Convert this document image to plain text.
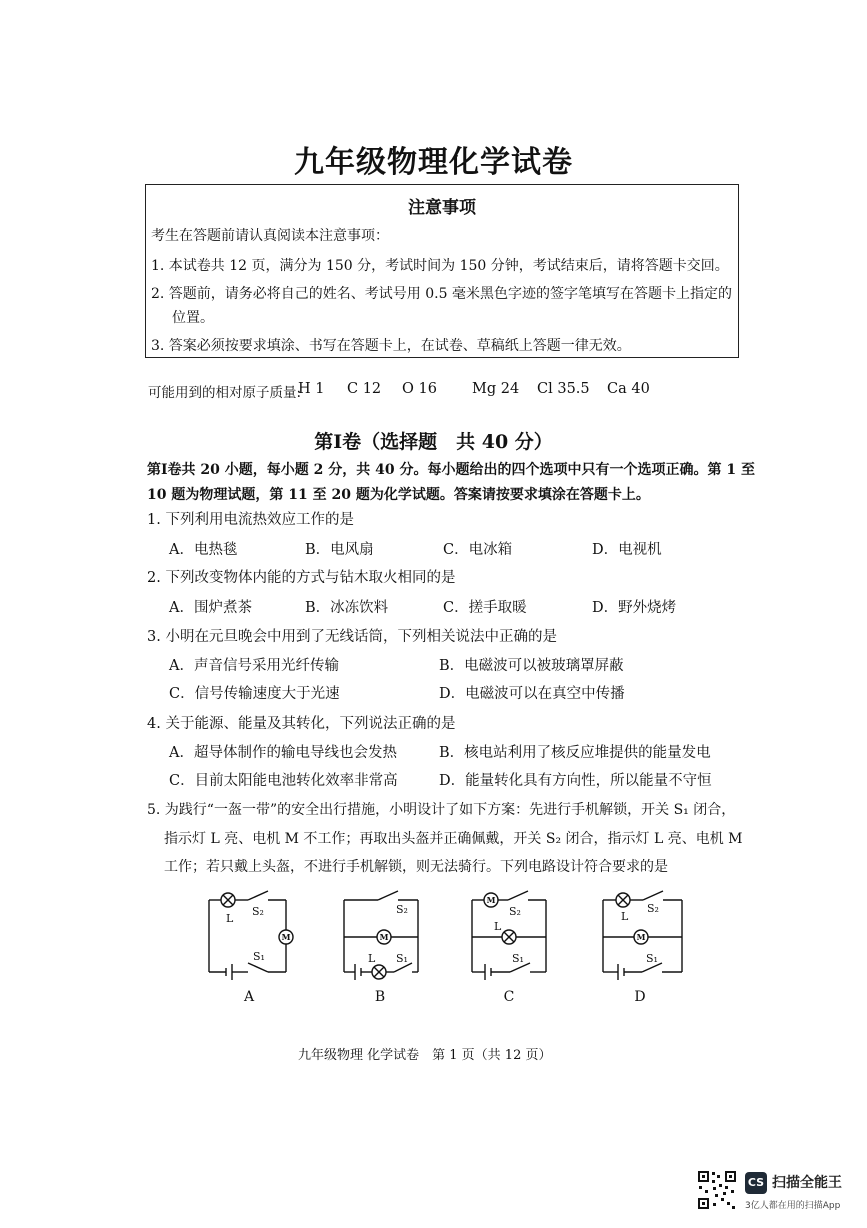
九年级物理化学试卷
注意事项
考生在答题前请认真阅读本注意事项：
1. 本试卷共 12 页，满分为 150 分，考试时间为 150 分钟，考试结束后，请将答题卡交回。
2. 答题前，请务必将自己的姓名、考试号用 0.5 毫米黑色字迹的签字笔填写在答题卡上指定的
位置。
3. 答案必须按要求填涂、书写在答题卡上，在试卷、草稿纸上答题一律无效。
可能用到的相对原子质量:
H 1 C 12 O 16 Mg 24 Cl 35.5 Ca 40
第Ⅰ卷（选择题　共 40 分）
第Ⅰ卷共 20 小题，每小题 2 分，共 40 分。每小题给出的四个选项中只有一个选项正确。第 1 至
10 题为物理试题，第 11 至 20 题为化学试题。答案请按要求填涂在答题卡上。
1. 下列利用电流热效应工作的是
A．电热毯	B．电风扇	C．电冰箱	D．电视机
2. 下列改变物体内能的方式与钻木取火相同的是
A．围炉煮茶	B．冰冻饮料	C．搓手取暖	D．野外烧烤
3. 小明在元旦晚会中用到了无线话筒，下列相关说法中正确的是
A．声音信号采用光纤传输	B．电磁波可以被玻璃罩屏蔽
C．信号传输速度大于光速	D．电磁波可以在真空中传播
4. 关于能源、能量及其转化，下列说法正确的是
A．超导体制作的输电导线也会发热	B．核电站利用了核反应堆提供的能量发电
C．目前太阳能电池转化效率非常高	D．能量转化具有方向性，所以能量不守恒
5. 为践行“一盔一带”的安全出行措施，小明设计了如下方案：先进行手机解锁，开关 S₁ 闭合，
指示灯 L 亮、电机 M 不工作；再取出头盔并正确佩戴，开关 S₂ 闭合，指示灯 L 亮、电机 M
工作；若只戴上头盔，不进行手机解锁，则无法骑行。下列电路设计符合要求的是
M	M
M
M
L
S₂
S₁
S₂
L S₁
S₂
L
S₁
L
S₂
S₁
A	B	C	D
九年级物理 化学试卷　第 1 页（共 12 页）
CS 扫描全能王
3亿人都在用的扫描App
